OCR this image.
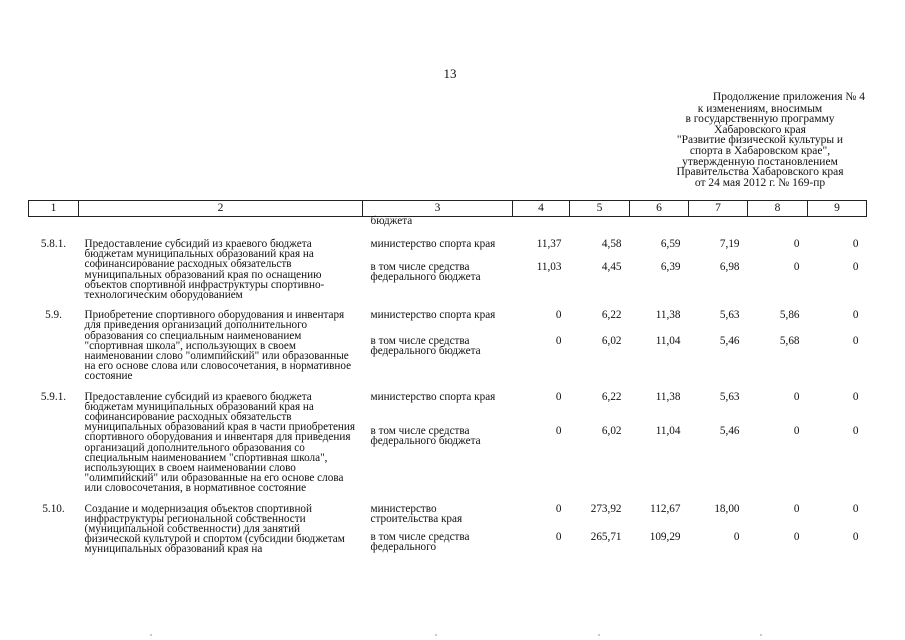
13
Продолжение приложения № 4
к изменениям, вносимым
в государственную программу
Хабаровского края
"Развитие физической культуры и
спорта в Хабаровском крае",
утвержденную постановлением
Правительства Хабаровского края
от 24 мая 2012 г. № 169-пр
1	2	3	4	5	6	7	8	9
		бюджета						

5.8.1.	Предоставление субсидий из краевого бюджета бюджетам муниципальных образований края на софинансирование расходных обязательств муниципальных образований края по оснащению объектов спортивной инфраструктуры спортивно-технологическим оборудованием	министерство спорта края	11,37	4,58	6,59	7,19	0	0
		в том числе средства федерального бюджета	11,03	4,45	6,39	6,98	0	0

5.9.	Приобретение спортивного оборудования и инвентаря для приведения организаций дополнительного образования со специальным наименованием "спортивная школа", использующих в своем наименовании слово "олимпийский" или образованные на его основе слова или словосочетания, в нормативное состояние	министерство спорта края	0	6,22	11,38	5,63	5,86	0
		в том числе средства федерального бюджета	0	6,02	11,04	5,46	5,68	0

5.9.1.	Предоставление субсидий из краевого бюджета бюджетам муниципальных образований края на софинансирование расходных обязательств муниципальных образований края в части приобретения спортивного оборудования и инвентаря для приведения организаций дополнительного образования со специальным наименованием "спортивная школа", использующих в своем наименовании слово "олимпийский" или образованные на его основе слова или словосочетания, в нормативное состояние	министерство спорта края	0	6,22	11,38	5,63	0	0
		в том числе средства федерального бюджета	0	6,02	11,04	5,46	0	0

5.10.	Создание и модернизация объектов спортивной инфраструктуры региональной собственности (муниципальной собственности) для занятий физической культурой и спортом (субсидии бюджетам муниципальных образований края на	министерство строительства края	0	273,92	112,67	18,00	0	0
		в том числе средства федерального	0	265,71	109,29	0	0	0
